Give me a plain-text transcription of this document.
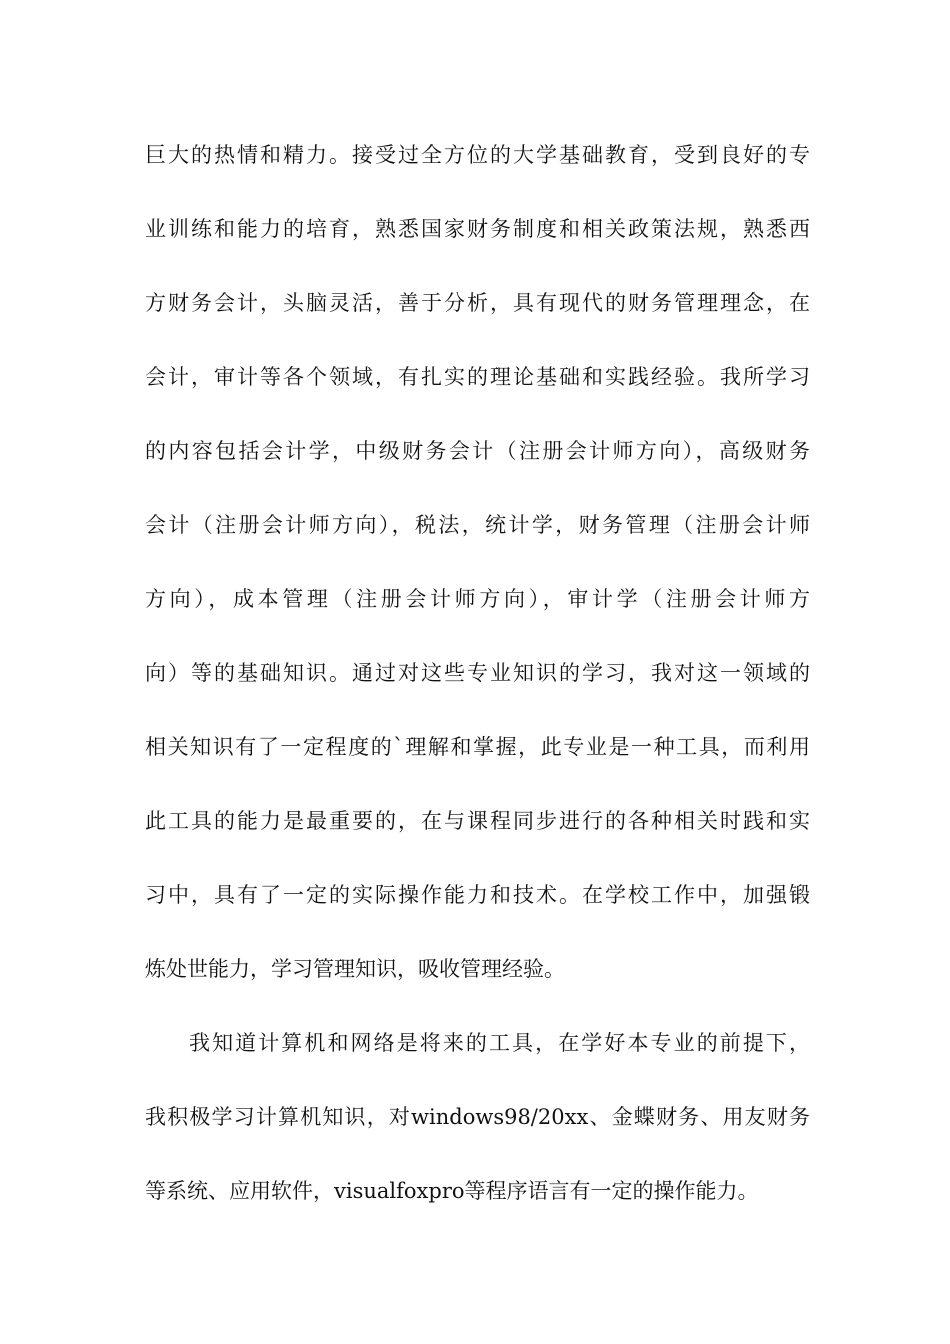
巨大的热情和精力。接受过全方位的大学基础教育，受到良好的专
业训练和能力的培育，熟悉国家财务制度和相关政策法规，熟悉西
方财务会计，头脑灵活，善于分析，具有现代的财务管理理念，在
会计，审计等各个领域，有扎实的理论基础和实践经验。我所学习
的内容包括会计学，中级财务会计（注册会计师方向），高级财务
会计（注册会计师方向），税法，统计学，财务管理（注册会计师
方向），成本管理（注册会计师方向），审计学（注册会计师方
向）等的基础知识。通过对这些专业知识的学习，我对这一领域的
相关知识有了一定程度的`理解和掌握，此专业是一种工具，而利用
此工具的能力是最重要的，在与课程同步进行的各种相关时践和实
习中，具有了一定的实际操作能力和技术。在学校工作中，加强锻
炼处世能力，学习管理知识，吸收管理经验。
我知道计算机和网络是将来的工具，在学好本专业的前提下，
我积极学习计算机知识，对windows98/20xx、金蝶财务、用友财务
等系统、应用软件，visualfoxpro等程序语言有一定的操作能力。
